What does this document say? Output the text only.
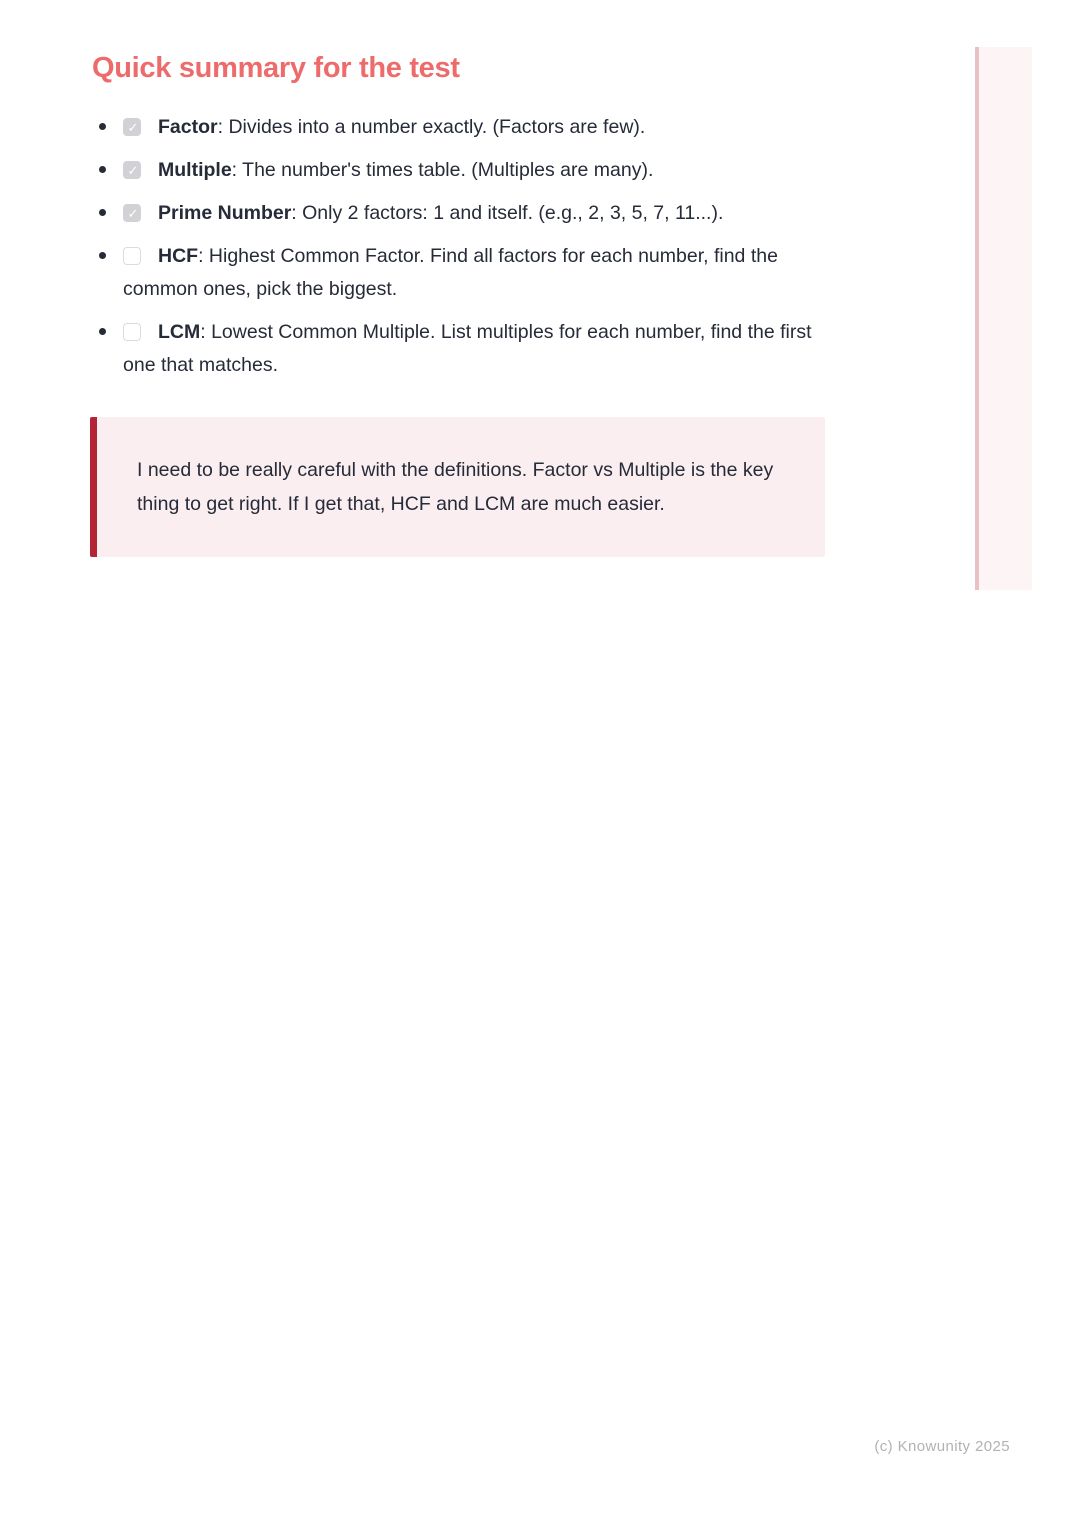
Quick summary for the test
✓Factor: Divides into a number exactly. (Factors are few).
✓Multiple: The number's times table. (Multiples are many).
✓Prime Number: Only 2 factors: 1 and itself. (e.g., 2, 3, 5, 7, 11...).
HCF: Highest Common Factor. Find all factors for each number, find the common ones, pick the biggest.
LCM: Lowest Common Multiple. List multiples for each number, find the first one that matches.
I need to be really careful with the definitions. Factor vs Multiple is the key thing to get right. If I get that, HCF and LCM are much easier.
(c) Knowunity 2025
